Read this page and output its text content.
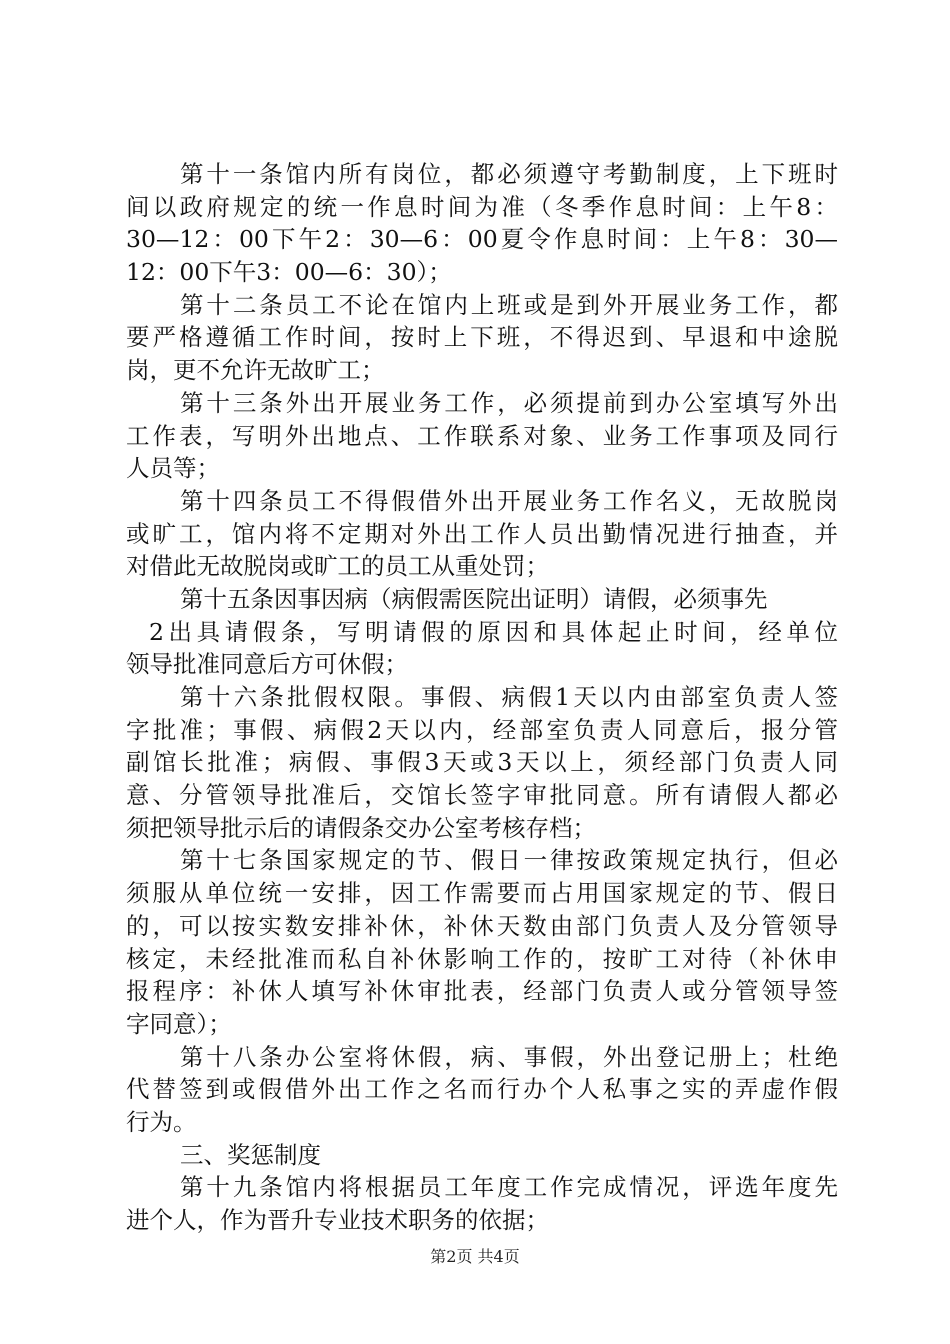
第十一条馆内所有岗位，都必须遵守考勤制度，上下班时
间以政府规定的统一作息时间为准（冬季作息时间：上午8：
30—12：00下午2：30—6：00夏令作息时间：上午8：30—
12：00下午3：00—6：30）；
第十二条员工不论在馆内上班或是到外开展业务工作，都
要严格遵循工作时间，按时上下班，不得迟到、早退和中途脱
岗，更不允许无故旷工；
第十三条外出开展业务工作，必须提前到办公室填写外出
工作表，写明外出地点、工作联系对象、业务工作事项及同行
人员等；
第十四条员工不得假借外出开展业务工作名义，无故脱岗
或旷工，馆内将不定期对外出工作人员出勤情况进行抽查，并
对借此无故脱岗或旷工的员工从重处罚；
第十五条因事因病（病假需医院出证明）请假，必须事先
2出具请假条，写明请假的原因和具体起止时间，经单位
领导批准同意后方可休假；
第十六条批假权限。事假、病假1天以内由部室负责人签
字批准；事假、病假2天以内，经部室负责人同意后，报分管
副馆长批准；病假、事假3天或3天以上，须经部门负责人同
意、分管领导批准后，交馆长签字审批同意。所有请假人都必
须把领导批示后的请假条交办公室考核存档；
第十七条国家规定的节、假日一律按政策规定执行，但必
须服从单位统一安排，因工作需要而占用国家规定的节、假日
的，可以按实数安排补休，补休天数由部门负责人及分管领导
核定，未经批准而私自补休影响工作的，按旷工对待（补休申
报程序：补休人填写补休审批表，经部门负责人或分管领导签
字同意）；
第十八条办公室将休假，病、事假，外出登记册上；杜绝
代替签到或假借外出工作之名而行办个人私事之实的弄虚作假
行为。
三、奖惩制度
第十九条馆内将根据员工年度工作完成情况，评选年度先
进个人，作为晋升专业技术职务的依据；
第2页 共4页
